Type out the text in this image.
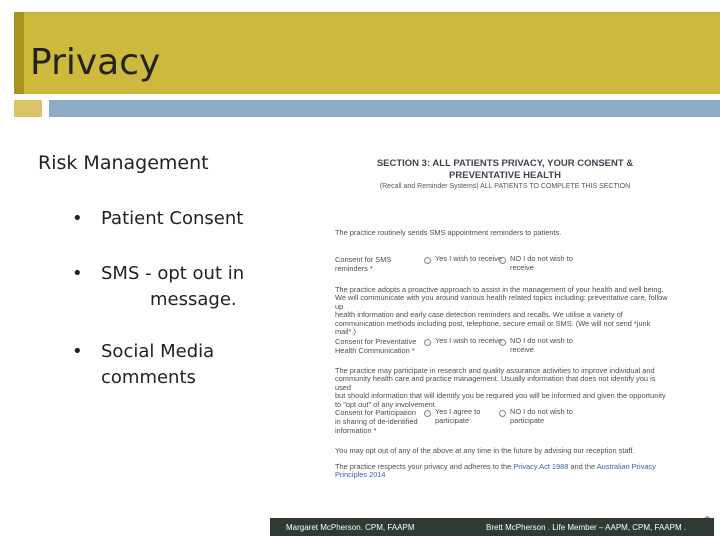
Privacy
Risk Management
• Patient Consent
• SMS - opt out in
message.
• Social Media
comments
SECTION 3: ALL PATIENTS PRIVACY, YOUR CONSENT &
PREVENTATIVE HEALTH
(Recall and Reminder Systems) ALL PATIENTS TO COMPLETE THIS SECTION
The practice routinely sends SMS appointment reminders to patients.
Consent for SMS
reminders *
Yes I wish to receive NO I do not wish to
receive
The practice adopts a proactive approach to assist in the management of your health and well being.
We will communicate with you around various health related topics including: preventative care, follow up
health information and early case detection reminders and recalls. We utilise a variety of
communication methods including post, telephone, secure email or SMS. (We will not send *junk
mail*.)
Consent for Preventative
Health Communication *
Yes I wish to receive NO I do not wish to
receive
The practice may participate in research and quality assurance activities to improve individual and
community health care and practice management. Usually information that does not identify you is used
but should information that will identify you be required you will be informed and given the opportunity
to "opt out" of any involvement.
Consent for Participation
in sharing of de-identified
information *
Yes I agree to
participate
NO I do not wish to
participate
You may opt out of any of the above at any time in the future by advising our reception staff.
The practice respects your privacy and adheres to the Privacy Act 1988 and the Australian Privacy
Principles 2014
Margaret McPherson. CPM, FAAPM	Brett McPherson . Life Member – AAPM, CPM, FAAPM .
©
